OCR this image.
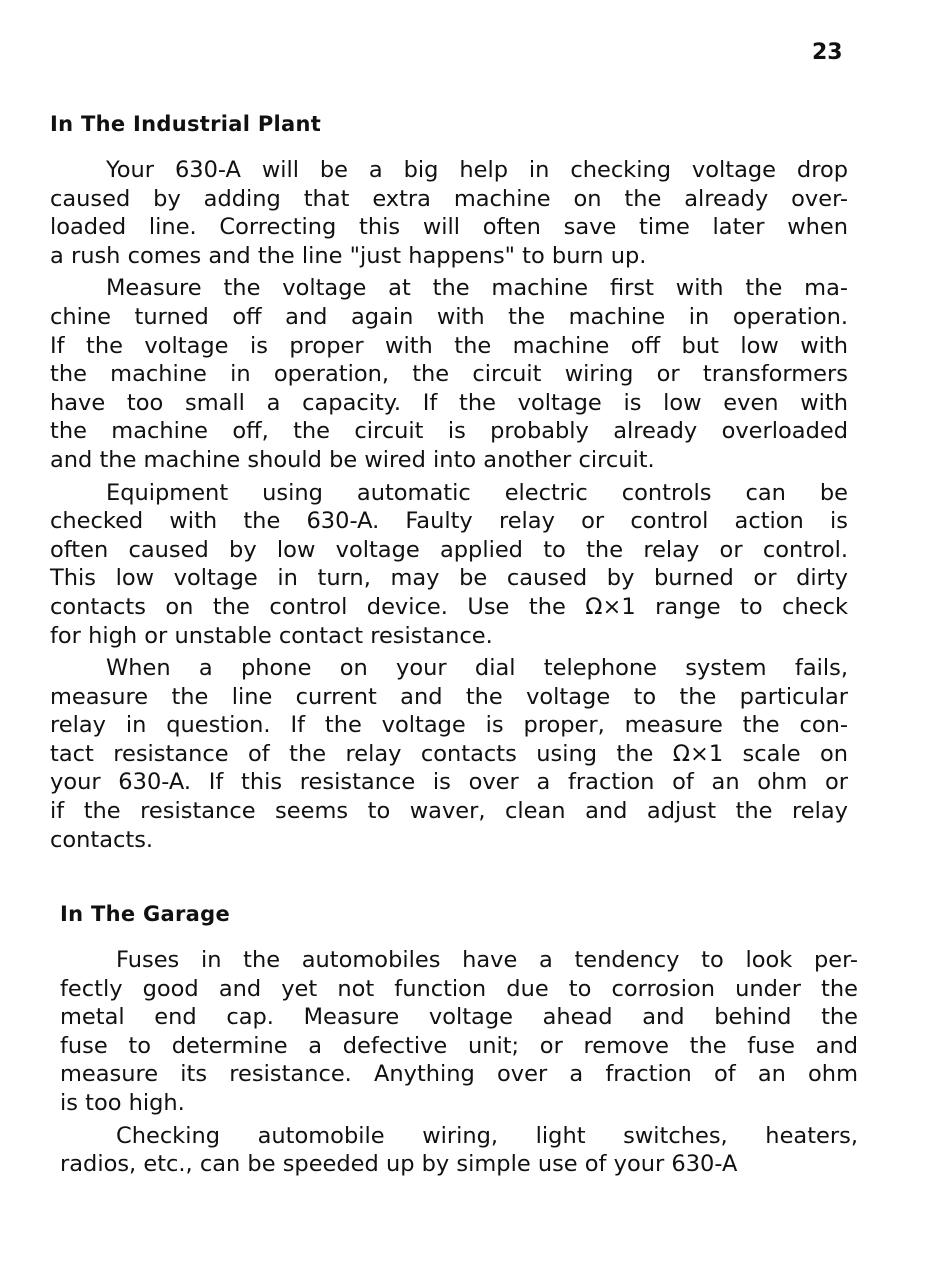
23
In The Industrial Plant
Your 630-A will be a big help in checking voltage drop
caused by adding that extra machine on the already over-
loaded line. Correcting this will often save time later when
a rush comes and the line "just happens" to burn up.
Measure the voltage at the machine first with the ma-
chine turned off and again with the machine in operation.
If the voltage is proper with the machine off but low with
the machine in operation, the circuit wiring or transformers
have too small a capacity. If the voltage is low even with
the machine off, the circuit is probably already overloaded
and the machine should be wired into another circuit.
Equipment using automatic electric controls can be
checked with the 630-A. Faulty relay or control action is
often caused by low voltage applied to the relay or control.
This low voltage in turn, may be caused by burned or dirty
contacts on the control device. Use the Ω×1 range to check
for high or unstable contact resistance.
When a phone on your dial telephone system fails,
measure the line current and the voltage to the particular
relay in question. If the voltage is proper, measure the con-
tact resistance of the relay contacts using the Ω×1 scale on
your 630-A. If this resistance is over a fraction of an ohm or
if the resistance seems to waver, clean and adjust the relay
contacts.
In The Garage
Fuses in the automobiles have a tendency to look per-
fectly good and yet not function due to corrosion under the
metal end cap. Measure voltage ahead and behind the
fuse to determine a defective unit; or remove the fuse and
measure its resistance. Anything over a fraction of an ohm
is too high.
Checking automobile wiring, light switches, heaters,
radios, etc., can be speeded up by simple use of your 630-A
